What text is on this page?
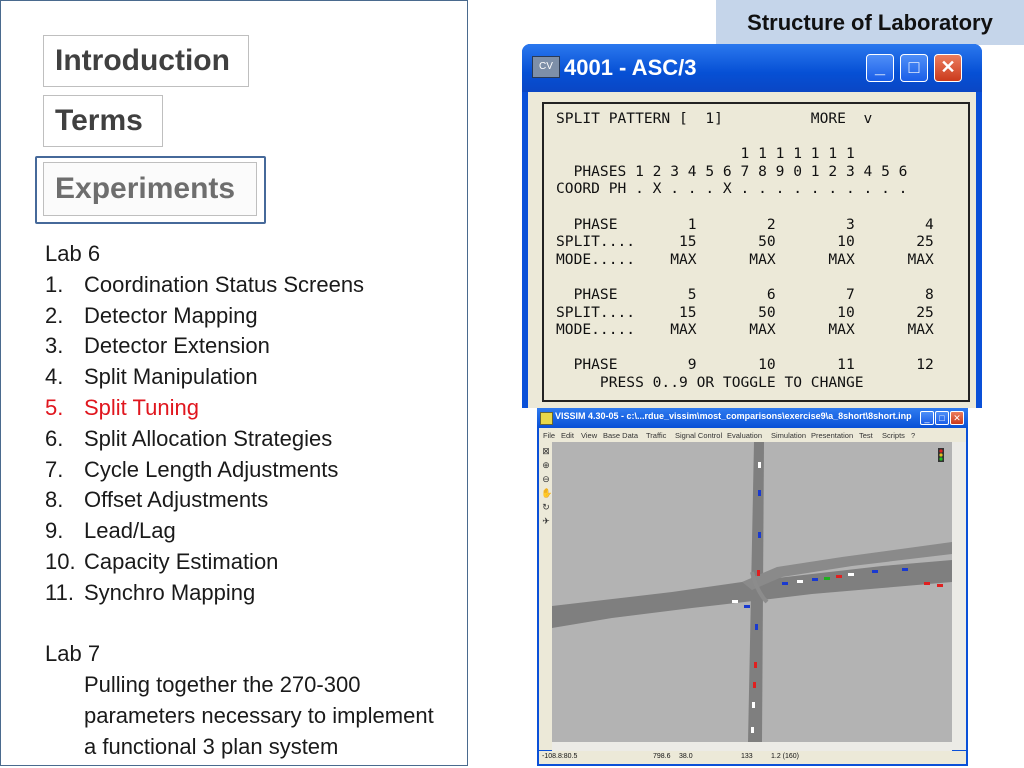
Introduction
Terms
Experiments
Lab 6
1. Coordination Status Screens
2. Detector Mapping
3. Detector Extension
4. Split Manipulation
5. Split Tuning
6. Split Allocation Strategies
7. Cycle Length Adjustments
8. Offset Adjustments
9. Lead/Lag
10. Capacity Estimation
11. Synchro Mapping

Lab 7
Pulling together the 270-300
parameters necessary to implement
a functional 3 plan system
Structure of Laboratory
CV 4001 - ASC/3	_	□	✕
SPLIT PATTERN [  1]          MORE  v

1 1 1 1 1 1 1
PHASES 1 2 3 4 5 6 7 8 9 0 1 2 3 4 5 6
COORD PH . X . . . X . . . . . . . . . .

PHASE        1        2        3        4
SPLIT....     15       50       10       25
MODE.....    MAX      MAX      MAX      MAX

PHASE        5        6        7        8
SPLIT....     15       50       10       25
MODE.....    MAX      MAX      MAX      MAX

PHASE        9       10       11       12
PRESS 0..9 OR TOGGLE TO CHANGE
VISSIM 4.30-05 - c:\...rdue_vissim\most_comparisons\exercise9\a_8short\8short.inp	_	□ ✕
File Edit View Base Data Traffic Signal Control Evaluation Simulation Presentation Test Scripts ?
⊠
⊕
⊖
✋
↻
✈
-108.8:80.5	798.6 38.0	133	1.2 (160)
